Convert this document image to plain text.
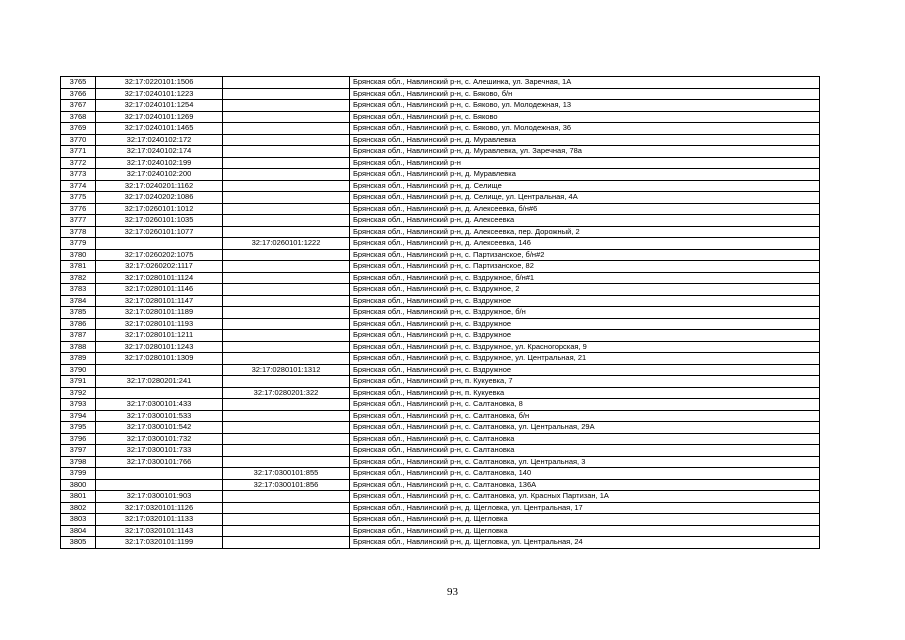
3765	32:17:0220101:1506		Брянская обл., Навлинский р-н, с. Алешинка, ул. Заречная, 1А
3766	32:17:0240101:1223		Брянская обл., Навлинский р-н, с. Бяково, б/н
3767	32:17:0240101:1254		Брянская обл., Навлинский р-н, с. Бяково, ул. Молодежная, 13
3768	32:17:0240101:1269		Брянская обл., Навлинский р-н, с. Бяково
3769	32:17:0240101:1465		Брянская обл., Навлинский р-н, с. Бяково, ул. Молодежная, 36
3770	32:17:0240102:172		Брянская обл., Навлинский р-н, д. Муравлевка
3771	32:17:0240102:174		Брянская обл., Навлинский р-н, д. Муравлевка, ул. Заречная, 78а
3772	32:17:0240102:199		Брянская обл., Навлинский р-н
3773	32:17:0240102:200		Брянская обл., Навлинский р-н, д. Муравлевка
3774	32:17:0240201:1162		Брянская обл., Навлинский р-н, д. Селище
3775	32:17:0240202:1086		Брянская обл., Навлинский р-н, д. Селище, ул. Центральная, 4А
3776	32:17:0260101:1012		Брянская обл., Навлинский р-н, д. Алексеевка, б/н#6
3777	32:17:0260101:1035		Брянская обл., Навлинский р-н, д. Алексеевка
3778	32:17:0260101:1077		Брянская обл., Навлинский р-н, д. Алексеевка, пер. Дорожный, 2
3779		32:17:0260101:1222	Брянская обл., Навлинский р-н, д. Алексеевка, 146
3780	32:17:0260202:1075		Брянская обл., Навлинский р-н, с. Партизанское, б/н#2
3781	32:17:0260202:1117		Брянская обл., Навлинский р-н, с. Партизанское, 82
3782	32:17:0280101:1124		Брянская обл., Навлинский р-н, с. Вздружное, б/н#1
3783	32:17:0280101:1146		Брянская обл., Навлинский р-н, с. Вздружное, 2
3784	32:17:0280101:1147		Брянская обл., Навлинский р-н, с. Вздружное
3785	32:17:0280101:1189		Брянская обл., Навлинский р-н, с. Вздружное, б/н
3786	32:17:0280101:1193		Брянская обл., Навлинский р-н, с. Вздружное
3787	32:17:0280101:1211		Брянская обл., Навлинский р-н, с. Вздружное
3788	32:17:0280101:1243		Брянская обл., Навлинский р-н, с. Вздружное, ул. Красногорская, 9
3789	32:17:0280101:1309		Брянская обл., Навлинский р-н, с. Вздружное, ул. Центральная, 21
3790		32:17:0280101:1312	Брянская обл., Навлинский р-н, с. Вздружное
3791	32:17:0280201:241		Брянская обл., Навлинский р-н, п. Кукуевка, 7
3792		32:17:0280201:322	Брянская обл., Навлинский р-н, п. Кукуевка
3793	32:17:0300101:433		Брянская обл., Навлинский р-н, с. Салтановка, 8
3794	32:17:0300101:533		Брянская обл., Навлинский р-н, с. Салтановка, б/н
3795	32:17:0300101:542		Брянская обл., Навлинский р-н, с. Салтановка, ул. Центральная, 29А
3796	32:17:0300101:732		Брянская обл., Навлинский р-н, с. Салтановка
3797	32:17:0300101:733		Брянская обл., Навлинский р-н, с. Салтановка
3798	32:17:0300101:766		Брянская обл., Навлинский р-н, с. Салтановка, ул. Центральная, 3
3799		32:17:0300101:855	Брянская обл., Навлинский р-н, с. Салтановка, 140
3800		32:17:0300101:856	Брянская обл., Навлинский р-н, с. Салтановка, 136А
3801	32:17:0300101:903		Брянская обл., Навлинский р-н, с. Салтановка, ул. Красных Партизан, 1А
3802	32:17:0320101:1126		Брянская обл., Навлинский р-н, д. Щегловка, ул. Центральная, 17
3803	32:17:0320101:1133		Брянская обл., Навлинский р-н, д. Щегловка
3804	32:17:0320101:1143		Брянская обл., Навлинский р-н, д. Щегловка
3805	32:17:0320101:1199		Брянская обл., Навлинский р-н, д. Щегловка, ул. Центральная, 24
93
